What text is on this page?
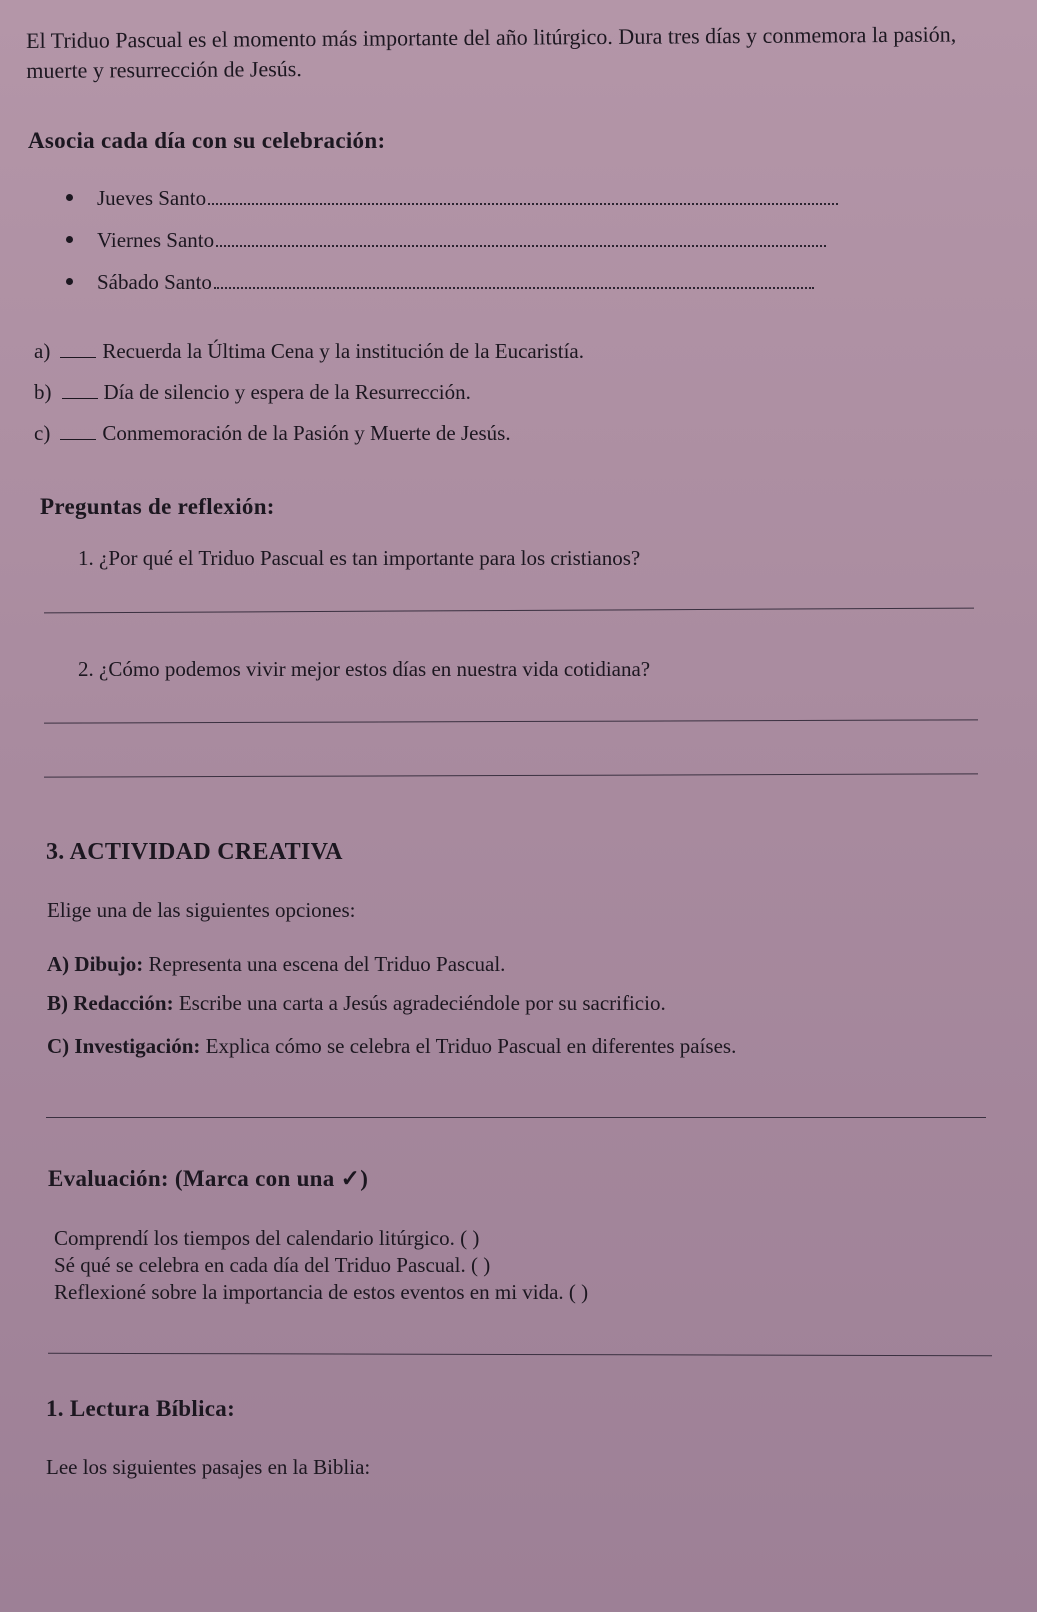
El Triduo Pascual es el momento más importante del año litúrgico. Dura tres días y conmemora la pasión, muerte y resurrección de Jesús.
Asocia cada día con su celebración:
Jueves Santo
Viernes Santo
Sábado Santo
a) Recuerda la Última Cena y la institución de la Eucaristía.
b) Día de silencio y espera de la Resurrección.
c) Conmemoración de la Pasión y Muerte de Jesús.
Preguntas de reflexión:
1. ¿Por qué el Triduo Pascual es tan importante para los cristianos?
2. ¿Cómo podemos vivir mejor estos días en nuestra vida cotidiana?
3. ACTIVIDAD CREATIVA
Elige una de las siguientes opciones:
A) Dibujo: Representa una escena del Triduo Pascual.
B) Redacción: Escribe una carta a Jesús agradeciéndole por su sacrificio.
C) Investigación: Explica cómo se celebra el Triduo Pascual en diferentes países.
Evaluación: (Marca con una ✓)
Comprendí los tiempos del calendario litúrgico. ( )
Sé qué se celebra en cada día del Triduo Pascual. ( )
Reflexioné sobre la importancia de estos eventos en mi vida. ( )
1. Lectura Bíblica:
Lee los siguientes pasajes en la Biblia:
